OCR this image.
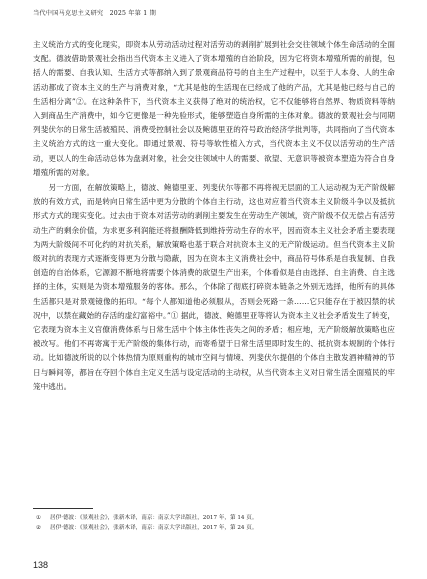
当代中国马克思主义研究　2025 年第 1 期

主义统治方式的变化现实，即资本从劳动活动过程对活劳动的剥削扩展到社会交往领域个体生命活动的全面支配。德波借助景观社会指出当代资本主义进入了资本增殖的自治阶段，因为它将资本增殖所需的前提，包括人的需要、自我认知、生活方式等都纳入到了景观商品符号的自主生产过程中，以至于人本身、人的生命活动都成了资本主义的生产与消费对象，“尤其是他的生活现在已经成了他的产品，尤其是他已经与自己的生活相分离”②。在这种条件下，当代资本主义获得了绝对的统治权，它不仅能够将自然界、物质资料等纳入到商品生产消费中，如今它更像是一种先验形式，能够塑造自身所需的主体对象。德波的景观社会与同期列斐伏尔的日常生活被殖民、消费受控制社会以及鲍德里亚的符号政治经济学批判等，共同指向了当代资本主义统治方式的这一重大变化。即通过景观、符号等软性植入方式，当代资本主义不仅以活劳动的生产活动，更以人的生命活动总体为盘剥对象，社会交往领域中人的需要、欲望、无意识等被资本塑造为符合自身增殖所需的对象。

另一方面，在解放策略上，德波、鲍德里亚、列斐伏尔等都不再将视无层面的工人运动视为无产阶级解放的有效方式，而是转向日常生活中更为分散的个体自主行动，这也对应着当代资本主义阶级斗争以及抵抗形式方式的现实变化。过去由于资本对活劳动的剥削主要发生在劳动生产领域，资产阶级不仅无偿占有活劳动生产的剩余价值，为求更多利润能还将报酬降低到维持劳动生存的水平，因而资本主义社会矛盾主要表现为两大阶级间不可化约的对抗关系，解放策略也基于联合对抗资本主义的无产阶级运动。但当代资本主义阶级对抗的表现方式逐渐变得更为分散与隐蔽，因为在资本主义消费社会中，商品符号体系是自我复制、自我创造的自治体系，它源源不断地将需要个体消费的欲望生产出来，个体看似是自由选择、自主消费、自主选择的主体，实则是为资本增殖服务的客体。那么，个体除了彻底打碎资本链条之外别无选择，他所有的具体生活都只是对景观镜像的拓印。“每个人都知道他必须服从，否则会死路一条……它只能存在于被囚禁的状况中，以禁在藏始的存活的虚幻富裕中。”① 据此，德波、鲍德里亚等将认为资本主义社会矛盾发生了转变，它表现为资本主义官僚消费体系与日常生活中个体主体性丧失之间的矛盾；相应地，无产阶级解放策略也应被改写。他们不再寄寓于无产阶级的集体行动，而寄希望于日常生活里即时发生的、抵抗资本规制的个体行动。比如德波所说的以个体热情为原则重构的城市空间与情境、列斐伏尔提倡的个体自主散发酒神精神的节日与瞬间等，都旨在夺回个体自主定义生活与设定活动的主动权，从当代资本主义对日常生活全面殖民的牢笼中逃出。

① 居伊·德波：《景观社会》，张新木译，南京：南京大学出版社，2017 年，第 14 页。
② 居伊·德波：《景观社会》，张新木译，南京：南京大学出版社，2017 年，第 24 页。
138
